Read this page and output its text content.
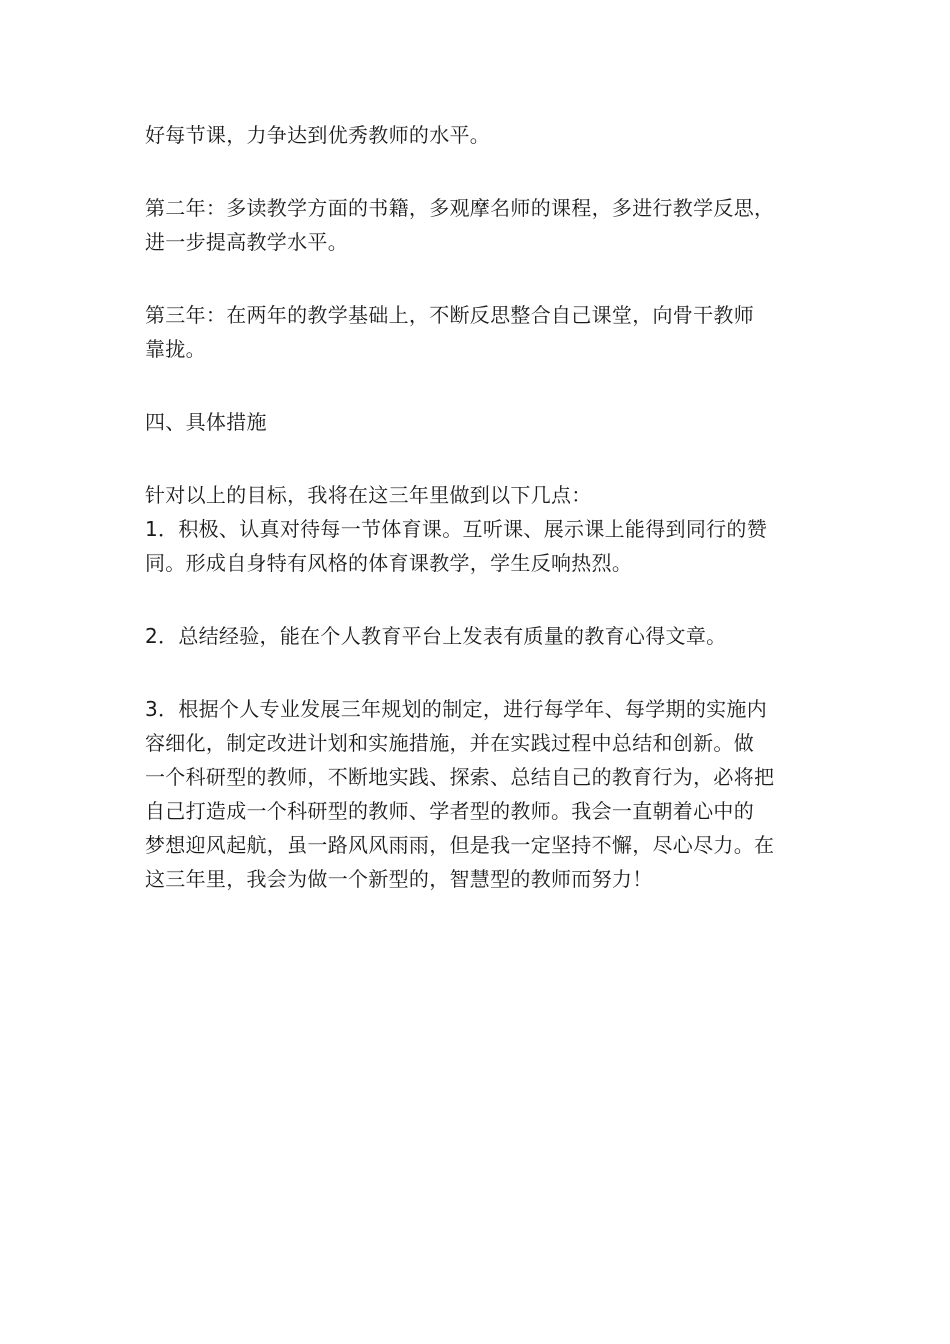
好每节课，力争达到优秀教师的水平。
第二年：多读教学方面的书籍，多观摩名师的课程，多进行教学反思，
进一步提高教学水平。
第三年：在两年的教学基础上，不断反思整合自己课堂，向骨干教师
靠拢。
四、具体措施
针对以上的目标，我将在这三年里做到以下几点：
1．积极、认真对待每一节体育课。互听课、展示课上能得到同行的赞
同。形成自身特有风格的体育课教学，学生反响热烈。
2．总结经验，能在个人教育平台上发表有质量的教育心得文章。
3．根据个人专业发展三年规划的制定，进行每学年、每学期的实施内
容细化，制定改进计划和实施措施，并在实践过程中总结和创新。做
一个科研型的教师，不断地实践、探索、总结自己的教育行为，必将把
自己打造成一个科研型的教师、学者型的教师。我会一直朝着心中的
梦想迎风起航，虽一路风风雨雨，但是我一定坚持不懈，尽心尽力。在
这三年里，我会为做一个新型的，智慧型的教师而努力！
